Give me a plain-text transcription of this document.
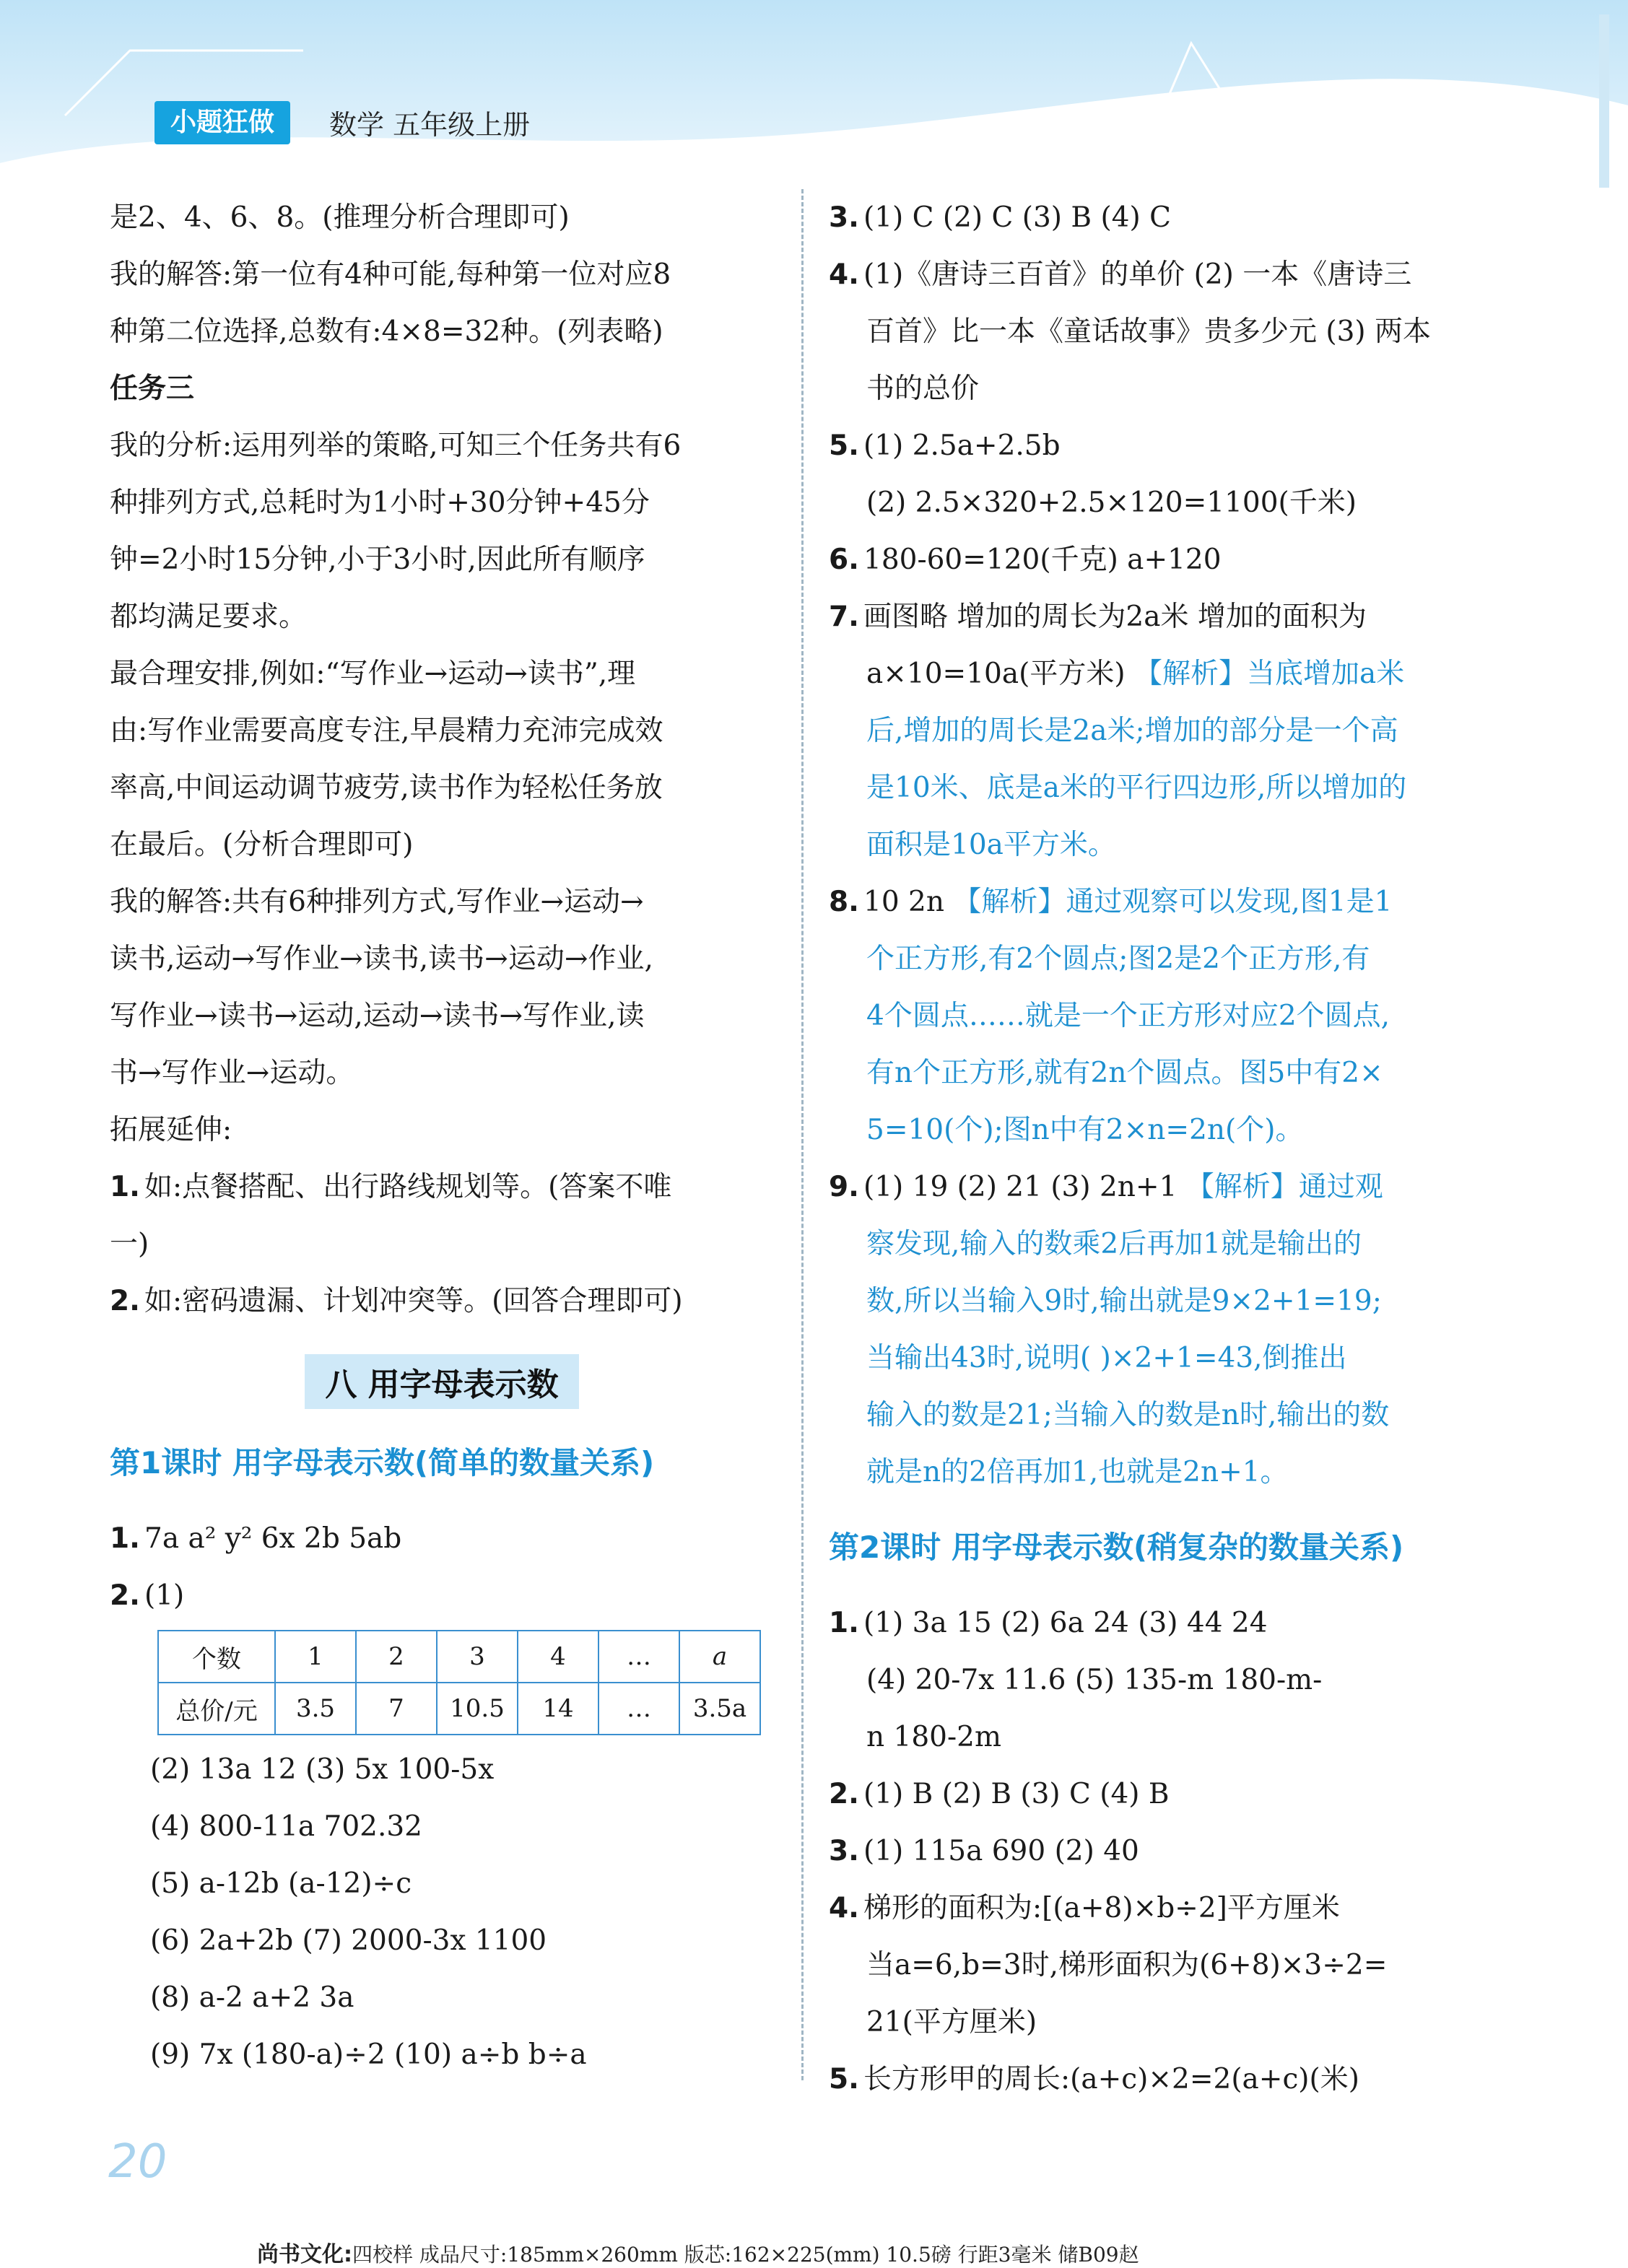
小题狂做	数学 五年级上册
是2、4、6、8。(推理分析合理即可)
我的解答:第一位有4种可能,每种第一位对应8
种第二位选择,总数有:4×8=32种。(列表略)
任务三
我的分析:运用列举的策略,可知三个任务共有6
种排列方式,总耗时为1小时+30分钟+45分
钟=2小时15分钟,小于3小时,因此所有顺序
都均满足要求。
最合理安排,例如:“写作业→运动→读书”,理
由:写作业需要高度专注,早晨精力充沛完成效
率高,中间运动调节疲劳,读书作为轻松任务放
在最后。(分析合理即可)
我的解答:共有6种排列方式,写作业→运动→
读书,运动→写作业→读书,读书→运动→作业,
写作业→读书→运动,运动→读书→写作业,读
书→写作业→运动。
拓展延伸:
1. 如:点餐搭配、出行路线规划等。(答案不唯
一)
2. 如:密码遗漏、计划冲突等。(回答合理即可)
八 用字母表示数
第1课时 用字母表示数(简单的数量关系)
1. 7a a² y² 6x 2b 5ab
2. (1)
个数	1	2	3	4	…	a
总价/元	3.5	7	10.5	14	…	3.5a
(2) 13a 12 (3) 5x 100-5x
(4) 800-11a 702.32
(5) a-12b (a-12)÷c
(6) 2a+2b (7) 2000-3x 1100
(8) a-2 a+2 3a
(9) 7x (180-a)÷2 (10) a÷b b÷a
3. (1) C (2) C (3) B (4) C
4. (1)《唐诗三百首》的单价 (2) 一本《唐诗三
百首》比一本《童话故事》贵多少元 (3) 两本
书的总价
5. (1) 2.5a+2.5b
(2) 2.5×320+2.5×120=1100(千米)
6. 180-60=120(千克) a+120
7. 画图略 增加的周长为2a米 增加的面积为
a×10=10a(平方米) 【解析】当底增加a米
后,增加的周长是2a米;增加的部分是一个高
是10米、底是a米的平行四边形,所以增加的
面积是10a平方米。
8. 10 2n 【解析】通过观察可以发现,图1是1
个正方形,有2个圆点;图2是2个正方形,有
4个圆点……就是一个正方形对应2个圆点,
有n个正方形,就有2n个圆点。图5中有2×
5=10(个);图n中有2×n=2n(个)。
9. (1) 19 (2) 21 (3) 2n+1 【解析】通过观
察发现,输入的数乘2后再加1就是输出的
数,所以当输入9时,输出就是9×2+1=19;
当输出43时,说明( )×2+1=43,倒推出
输入的数是21;当输入的数是n时,输出的数
就是n的2倍再加1,也就是2n+1。
第2课时 用字母表示数(稍复杂的数量关系)
1. (1) 3a 15 (2) 6a 24 (3) 44 24
(4) 20-7x 11.6 (5) 135-m 180-m-
n 180-2m
2. (1) B (2) B (3) C (4) B
3. (1) 115a 690 (2) 40
4. 梯形的面积为:[(a+8)×b÷2]平方厘米
当a=6,b=3时,梯形面积为(6+8)×3÷2=
21(平方厘米)
5. 长方形甲的周长:(a+c)×2=2(a+c)(米)
20
尚书文化:四校样 成品尺寸:185mm×260mm 版芯:162×225(mm) 10.5磅 行距3毫米 储B09赵
